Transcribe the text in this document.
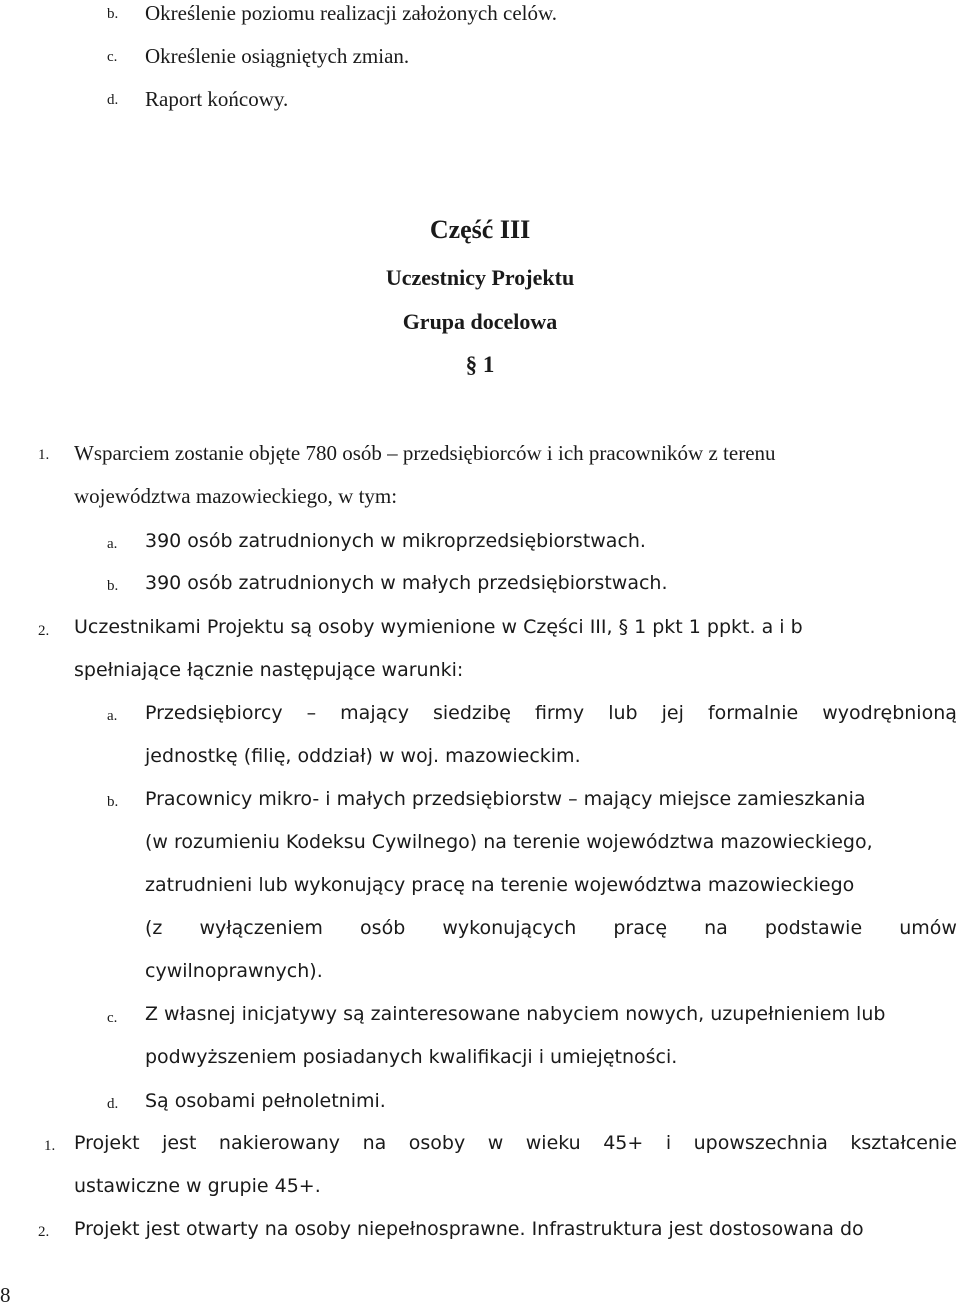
b. Określenie poziomu realizacji założonych celów.
c. Określenie osiągniętych zmian.
d. Raport końcowy.
Część III
Uczestnicy Projektu
Grupa docelowa
§ 1
1. Wsparciem zostanie objęte 780 osób – przedsiębiorców i ich pracowników z terenu
województwa mazowieckiego, w tym:
a. 390 osób zatrudnionych w mikroprzedsiębiorstwach.
b. 390 osób zatrudnionych w małych przedsiębiorstwach.
2. Uczestnikami Projektu są osoby wymienione w Części III, § 1 pkt 1 ppkt. a i b
spełniające łącznie następujące warunki:
a. Przedsiębiorcy – mający siedzibę firmy lub jej formalnie wyodrębnioną
jednostkę (filię, oddział) w woj. mazowieckim.
b. Pracownicy mikro- i małych przedsiębiorstw – mający miejsce zamieszkania
(w rozumieniu Kodeksu Cywilnego) na terenie województwa mazowieckiego,
zatrudnieni lub wykonujący pracę na terenie województwa mazowieckiego
(z wyłączeniem osób wykonujących pracę na podstawie umów
cywilnoprawnych).
c. Z własnej inicjatywy są zainteresowane nabyciem nowych, uzupełnieniem lub
podwyższeniem posiadanych kwalifikacji i umiejętności.
d. Są osobami pełnoletnimi.
1. Projekt jest nakierowany na osoby w wieku 45+ i upowszechnia kształcenie
ustawiczne w grupie 45+.
2. Projekt jest otwarty na osoby niepełnosprawne. Infrastruktura jest dostosowana do
8
